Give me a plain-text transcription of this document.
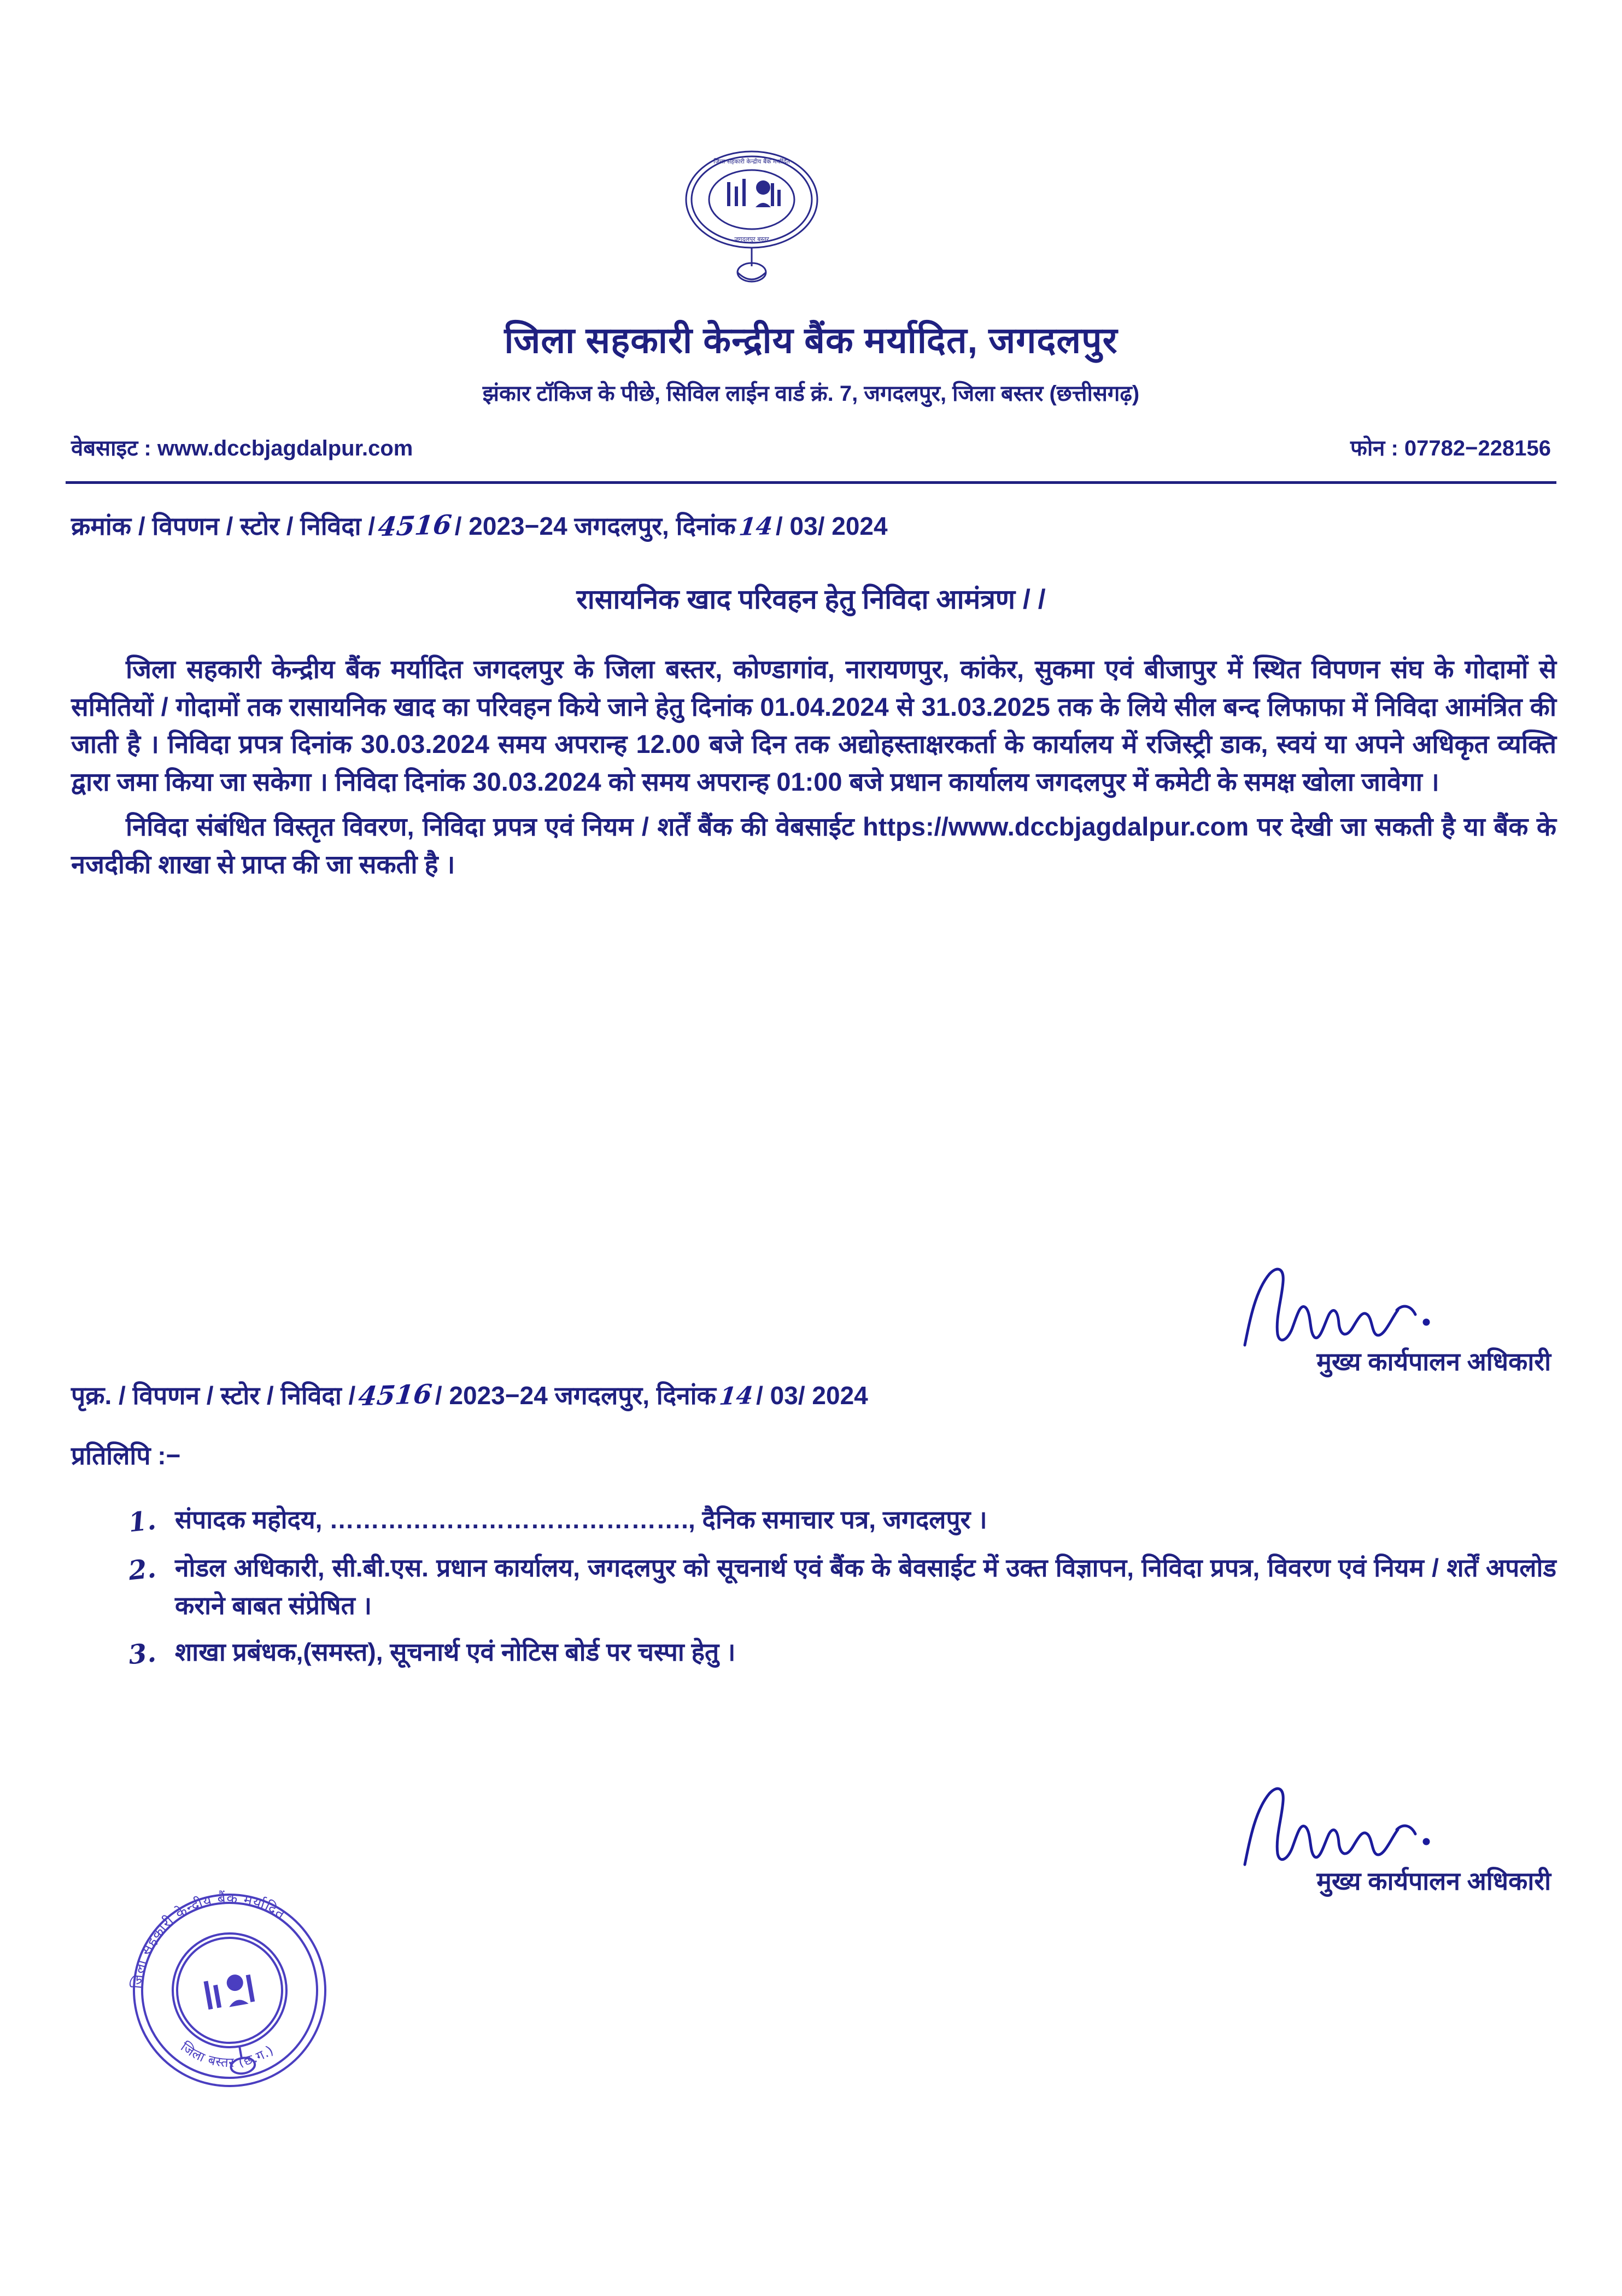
जिला सहकारी केन्द्रीय बैंक मर्यादित
जगदलपुर बस्तर
जिला सहकारी केन्द्रीय बैंक मर्यादित, जगदलपुर
झंकार टॉकिज के पीछे, सिविल लाईन वार्ड क्रं. 7, जगदलपुर, जिला बस्तर (छत्तीसगढ़)
वेबसाइट : www.dccbjagdalpur.com	फोन : 07782−228156
क्रमांक / विपणन / स्टोर / निविदा / 4516 / 2023−24 जगदलपुर, दिनांक 14 / 03 / 2024
रासायनिक खाद परिवहन हेतु निविदा आमंत्रण / /

जिला सहकारी केन्द्रीय बैंक मर्यादित जगदलपुर के जिला बस्तर, कोण्डागांव, नारायणपुर, कांकेर, सुकमा एवं बीजापुर में स्थित विपणन संघ के गोदामों से समितियों / गोदामों तक रासायनिक खाद का परिवहन किये जाने हेतु दिनांक 01.04.2024 से 31.03.2025 तक के लिये सील बन्द लिफाफा में निविदा आमंत्रित की जाती है । निविदा प्रपत्र दिनांक 30.03.2024 समय अपरान्ह 12.00 बजे दिन तक अद्योहस्ताक्षरकर्ता के कार्यालय में रजिस्ट्री डाक, स्वयं या अपने अधिकृत व्यक्ति द्वारा जमा किया जा सकेगा । निविदा दिनांक 30.03.2024 को समय अपरान्ह 01:00 बजे प्रधान कार्यालय जगदलपुर में कमेटी के समक्ष खोला जावेगा ।

निविदा संबंधित विस्तृत विवरण, निविदा प्रपत्र एवं नियम / शर्तें बैंक की वेबसाईट https://www.dccbjagdalpur.com पर देखी जा सकती है या बैंक के नजदीकी शाखा से प्राप्त की जा सकती है ।

मुख्य कार्यपालन अधिकारी
पृक्र. / विपणन / स्टोर / निविदा / 4516 / 2023−24 जगदलपुर, दिनांक 14 / 03 / 2024
प्रतिलिपि :−
1. संपादक महोदय, ……………………………………., दैनिक समाचार पत्र, जगदलपुर ।
2. नोडल अधिकारी, सी.बी.एस. प्रधान कार्यालय, जगदलपुर को सूचनार्थ एवं बैंक के बेवसाईट में उक्त विज्ञापन, निविदा प्रपत्र, विवरण एवं नियम / शर्तें अपलोड कराने बाबत संप्रेषित ।
3. शाखा प्रबंधक,(समस्त), सूचनार्थ एवं नोटिस बोर्ड पर चस्पा हेतु ।
मुख्य कार्यपालन अधिकारी
जिला सहकारी केन्द्रीय बैंक मर्यादित
जिला बस्तर (छ.ग.)
